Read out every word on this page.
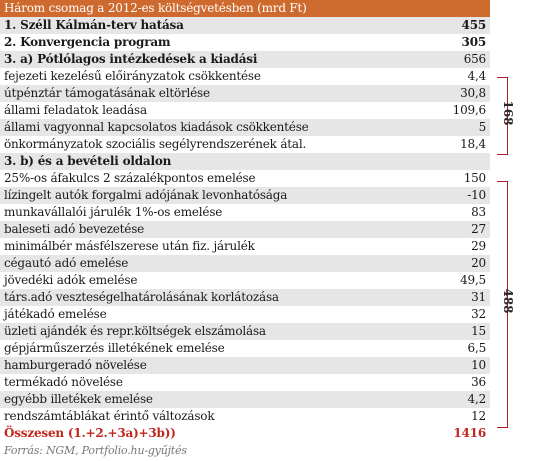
Három csomag a 2012-es költségvetésben (mrd Ft)	
1. Széll Kálmán-terv hatása	455
2. Konvergencia program	305
3. a) Pótlólagos intézkedések a kiadási	656
fejezeti kezelésű előirányzatok csökkentése	4,4
útpénztár támogatásának eltörlése	30,8
állami feladatok leadása	109,6
állami vagyonnal kapcsolatos kiadások csökkentése	5
önkormányzatok szociális segélyrendszerének átal.	18,4
3. b) és a bevételi oldalon	
25%-os áfakulcs 2 százalékpontos emelése	150
lízingelt autók forgalmi adójának levonhatósága	-10
munkavállalói járulék 1%-os emelése	83
baleseti adó bevezetése	27
minimálbér másfélszerese után fiz. járulék	29
cégautó adó emelése	20
jövedéki adók emelése	49,5
társ.adó veszteségelhatárolásának korlátozása	31
játékadó emelése	32
üzleti ajándék és repr.költségek elszámolása	15
gépjárműszerzés illetékének emelése	6,5
hamburgeradó növelése	10
termékadó növelése	36
egyébb illetékek emelése	4,2
rendszámtáblákat érintő változások	12
Összesen (1.+2.+3a)+3b))	1416
Forrás: NGM, Portfolio.hu-gyűjtés	
168
488
